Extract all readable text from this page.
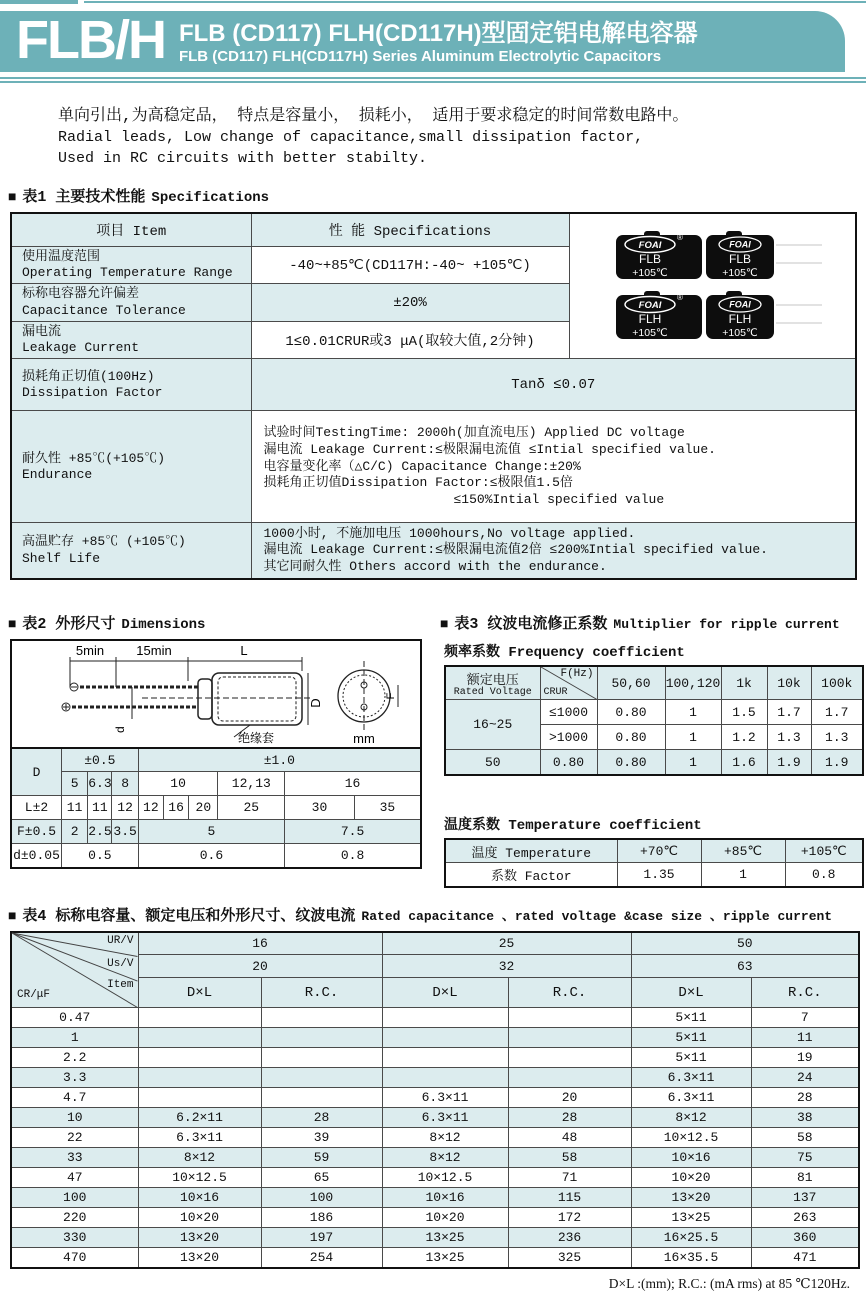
FLB/H FLB (CD117) FLH(CD117H)型固定铝电解电容器
FLB (CD117) FLH(CD117H) Series Aluminum Electrolytic Capacitors
单向引出,为高稳定品， 特点是容量小， 损耗小， 适用于要求稳定的时间常数电路中。
Radial leads, Low change of capacitance,small dissipation factor,
Used in RC circuits with better stabilty.
■ 表1 主要技术性能 Specifications
项目 Item	性 能 Specifications	
FOAI
®
FOAI
FLB	FLB
+105℃	+105℃
FOAI
®
FOAI
FLH	FLH
+105℃	+105℃

使用温度范围
Operating Temperature Range	-40~+85℃(CD117H:-40~ +105℃)	

标称电容器允许偏差
Capacitance Tolerance	±20%	

漏电流
Leakage Current	1≤0.01CRUR或3 μA(取较大值,2分钟)	

损耗角正切值(100Hz)
Dissipation Factor	Tanδ ≤0.07	

耐久性 +85℃(+105℃)
Endurance

试验时间TestingTime: 2000h(加直流电压) Applied DC voltage
漏电流 Leakage Current:≤极限漏电流值 ≤Intial specified value.
电容量变化率（△C/C) Capacitance Change:±20%
损耗角正切值Dissipation Factor:≤极限值1.5倍
≤150%Intial specified value

高温贮存 +85℃ (+105℃)
Shelf Life

1000小时, 不施加电压 1000hours,No voltage applied.
漏电流 Leakage Current:≤极限漏电流值2倍 ≤200%Intial specified value.
其它同耐久性 Others accord with the endurance.
■ 表2 外形尺寸 Dimensions
5min 15min	L
d
D
绝缘套
F
mm
D	±0.5			±1.0					
	5	6.3	8	10			12,13	16	
L±2	11	11	12	12	16	20	25	30	35
F±0.5	2	2.5	3.5	5				7.5	
d±0.05	0.5			0.6				0.8	
■ 表3 纹波电流修正系数 Multiplier for ripple current
频率系数 Frequency coefficient
额定电压
Rated Voltage	F(Hz)
CRUR	50,60	100,120	1k	10k	100k
16~25	≤1000	0.80	1	1.5	1.7	1.7
	>1000	0.80	1	1.2	1.3	1.3
50	0.80	0.80	1	1.6	1.9	1.9
温度系数 Temperature coefficient
温度 Temperature	+70℃	+85℃	+105℃
系数 Factor	1.35	1	0.8
■ 表4 标称电容量、额定电压和外形尺寸、纹波电流 Rated capacitance 、rated voltage &case size 、ripple current
UR/V
Us/V
Item
CR/μF	16		25		50	
	20		32		63	
	D×L	R.C.	D×L	R.C.	D×L	R.C.
0.47					5×11	7
1					5×11	11
2.2					5×11	19
3.3					6.3×11	24
4.7			6.3×11	20	6.3×11	28
10	6.2×11	28	6.3×11	28	8×12	38
22	6.3×11	39	8×12	48	10×12.5	58
33	8×12	59	8×12	58	10×16	75
47	10×12.5	65	10×12.5	71	10×20	81
100	10×16	100	10×16	115	13×20	137
220	10×20	186	10×20	172	13×25	263
330	13×20	197	13×25	236	16×25.5	360
470	13×20	254	13×25	325	16×35.5	471
D×L :(mm); R.C.: (mA rms) at 85 ℃120Hz.
